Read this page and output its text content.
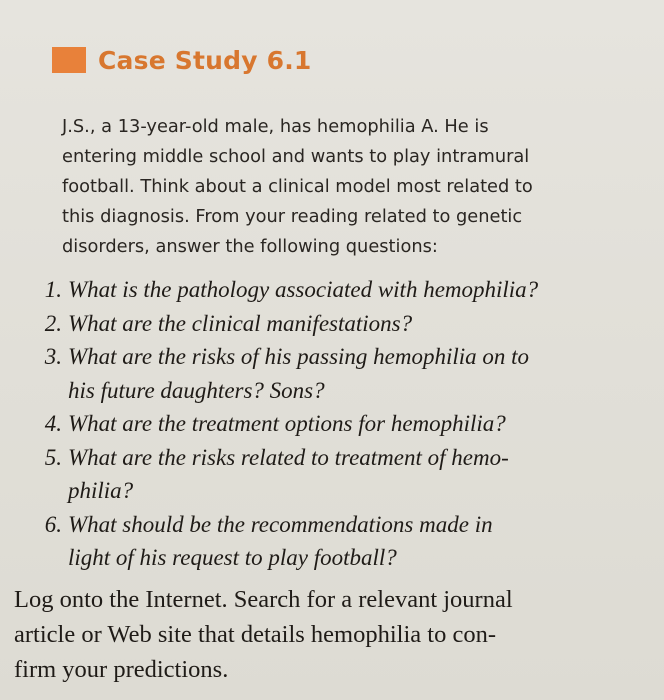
Case Study 6.1

J.S., a 13-year-old male, has hemophilia A. He is

entering middle school and wants to play intramural

football. Think about a clinical model most related to

this diagnosis. From your reading related to genetic

disorders, answer the following questions:

1. What is the pathology associated with hemophilia?
2. What are the clinical manifestations?
3. What are the risks of his passing hemophilia on to
his future daughters? Sons?
4. What are the treatment options for hemophilia?
5. What are the risks related to treatment of hemo-
philia?
6. What should be the recommendations made in
light of his request to play football?

Log onto the Internet. Search for a relevant journal

article or Web site that details hemophilia to con-

firm your predictions.
